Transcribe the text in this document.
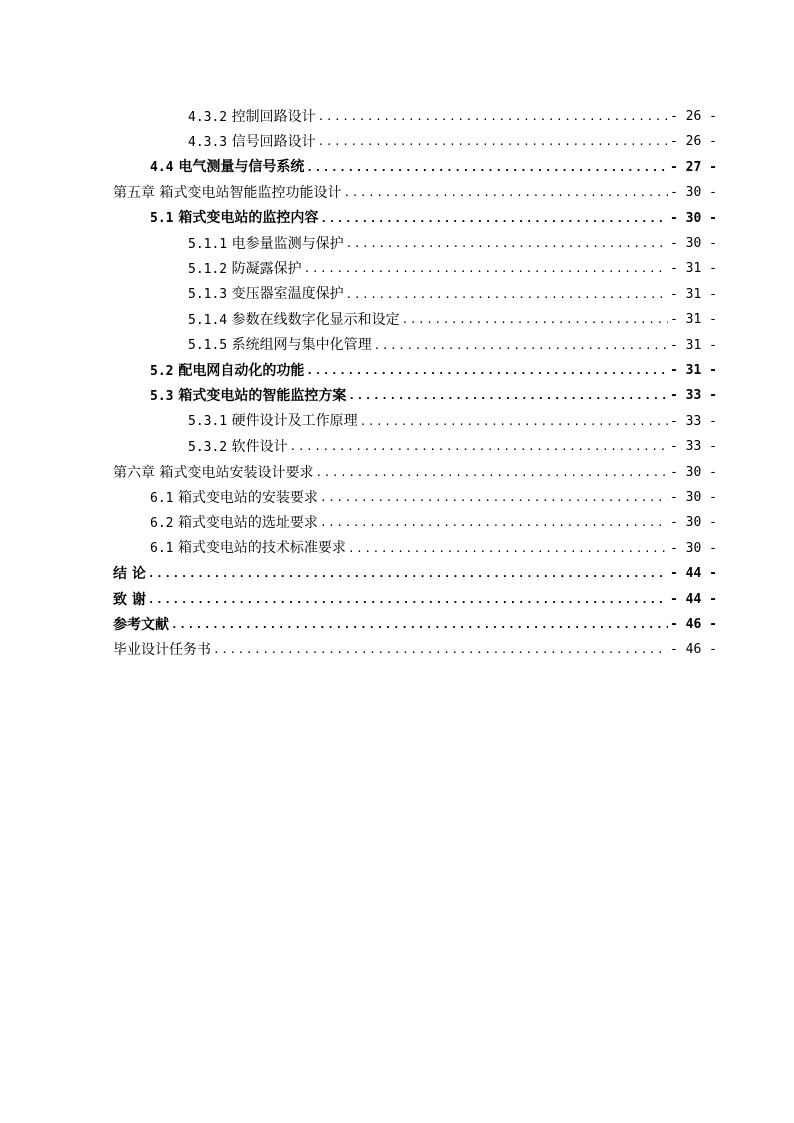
4.3.2 控制回路设计 .....	- 26 -
4.3.3 信号回路设计 .....	- 26 -
4.4 电气测量与信号系统 .....	- 27 -
第五章 箱式变电站智能监控功能设计 .....	- 30 -
5.1 箱式变电站的监控内容 .....	- 30 -
5.1.1 电参量监测与保护 .....	- 30 -
5.1.2 防凝露保护 .....	- 31 -
5.1.3 变压器室温度保护 .....	- 31 -
5.1.4 参数在线数字化显示和设定 .....	- 31 -
5.1.5 系统组网与集中化管理 .....	- 31 -
5.2 配电网自动化的功能 .....	- 31 -
5.3 箱式变电站的智能监控方案 .....	- 33 -
5.3.1 硬件设计及工作原理 .....	- 33 -
5.3.2 软件设计 .....	- 33 -
第六章 箱式变电站安装设计要求 .....	- 30 -
6.1 箱式变电站的安装要求 .....	- 30 -
6.2 箱式变电站的选址要求 .....	- 30 -
6.1 箱式变电站的技术标准要求 .....	- 30 -
结 论 .....	- 44 -
致 谢 .....	- 44 -
参考文献 .....	- 46 -
毕业设计任务书 .....	- 46 -
